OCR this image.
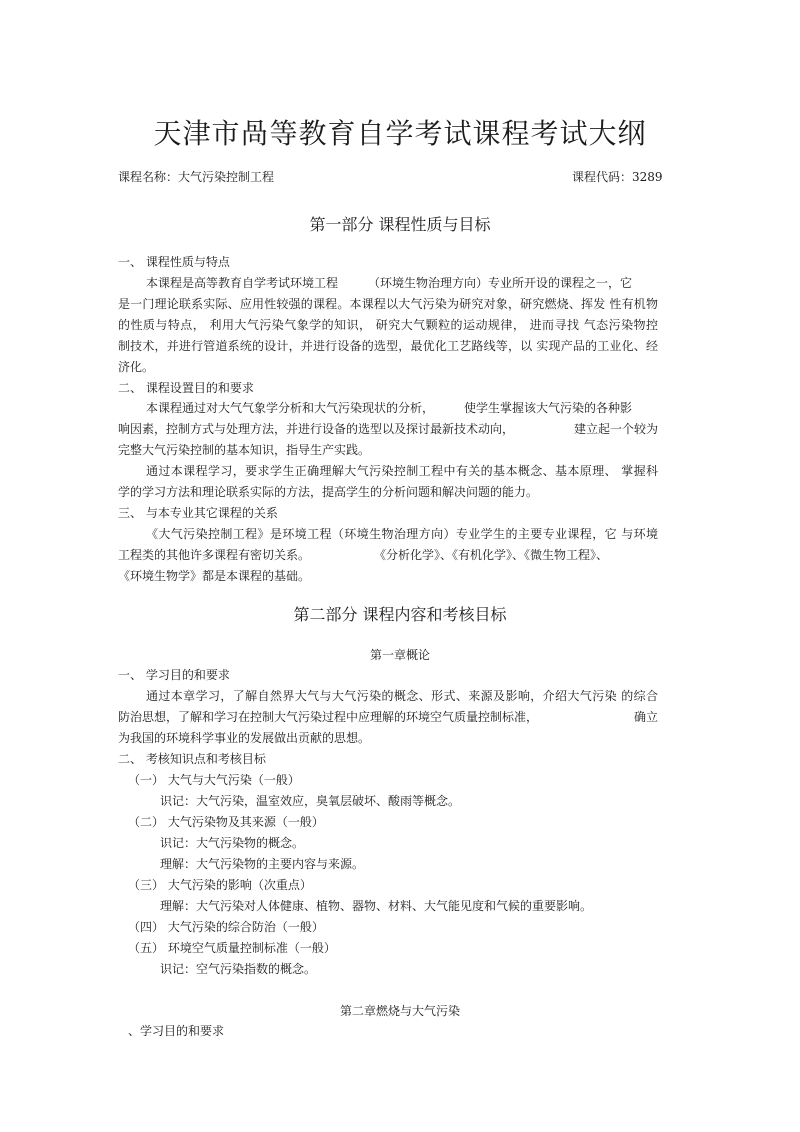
天津市咼等教育自学考试课程考试大纲
课程名称：大气污染控制工程	课程代码：3289
第一部分 课程性质与目标
一、 课程性质与特点
本课程是高等教育自学考试环境工程	（环境生物治理方向）专业所开设的课程之一，它
是一门理论联系实际、应用性较强的课程。本课程以大气污染为研究对象，研究燃烧、挥发 性有机物
的性质与特点， 利用大气污染气象学的知识， 研究大气颗粒的运动规律， 进而寻找 气态污染物控
制技术，并进行管道系统的设计，并进行设备的选型，最优化工艺路线等，以 实现产品的工业化、经
济化。
二、 课程设置目的和要求
本课程通过对大气气象学分析和大气污染现状的分析，	使学生掌握该大气污染的各种影
响因素，控制方式与处理方法，并进行设备的选型以及探讨最新技术动向，	建立起一个较为
完整大气污染控制的基本知识，指导生产实践。
通过本课程学习，要求学生正确理解大气污染控制工程中有关的基本概念、基本原理、 掌握科
学的学习方法和理论联系实际的方法，提高学生的分析问题和解决问题的能力。
三、 与本专业其它课程的关系
《大气污染控制工程》是环境工程（环境生物治理方向）专业学生的主要专业课程，它 与环境
工程类的其他许多课程有密切关系。	《分析化学》、《有机化学》、《微生物工程》、
《环境生物学》都是本课程的基础。
第二部分 课程内容和考核目标
第一章概论
一、 学习目的和要求
通过本章学习，了解自然界大气与大气污染的概念、形式、来源及影响，介绍大气污染 的综合
防治思想，了解和学习在控制大气污染过程中应理解的环境空气质量控制标准，	确立
为我国的环境科学事业的发展做出贡献的思想。
二、 考核知识点和考核目标
（一） 大气与大气污染（一般）
识记：大气污染，温室效应，臭氧层破坏、酸雨等概念。
（二） 大气污染物及其来源（一般）
识记：大气污染物的概念。
理解：大气污染物的主要内容与来源。
（三） 大气污染的影响（次重点）
理解：大气污染对人体健康、植物、器物、材料、大气能见度和气候的重要影响。
（四） 大气污染的综合防治（一般）
（五） 环境空气质量控制标准（一般）
识记：空气污染指数的概念。
第二章燃烧与大气污染
、学习目的和要求
